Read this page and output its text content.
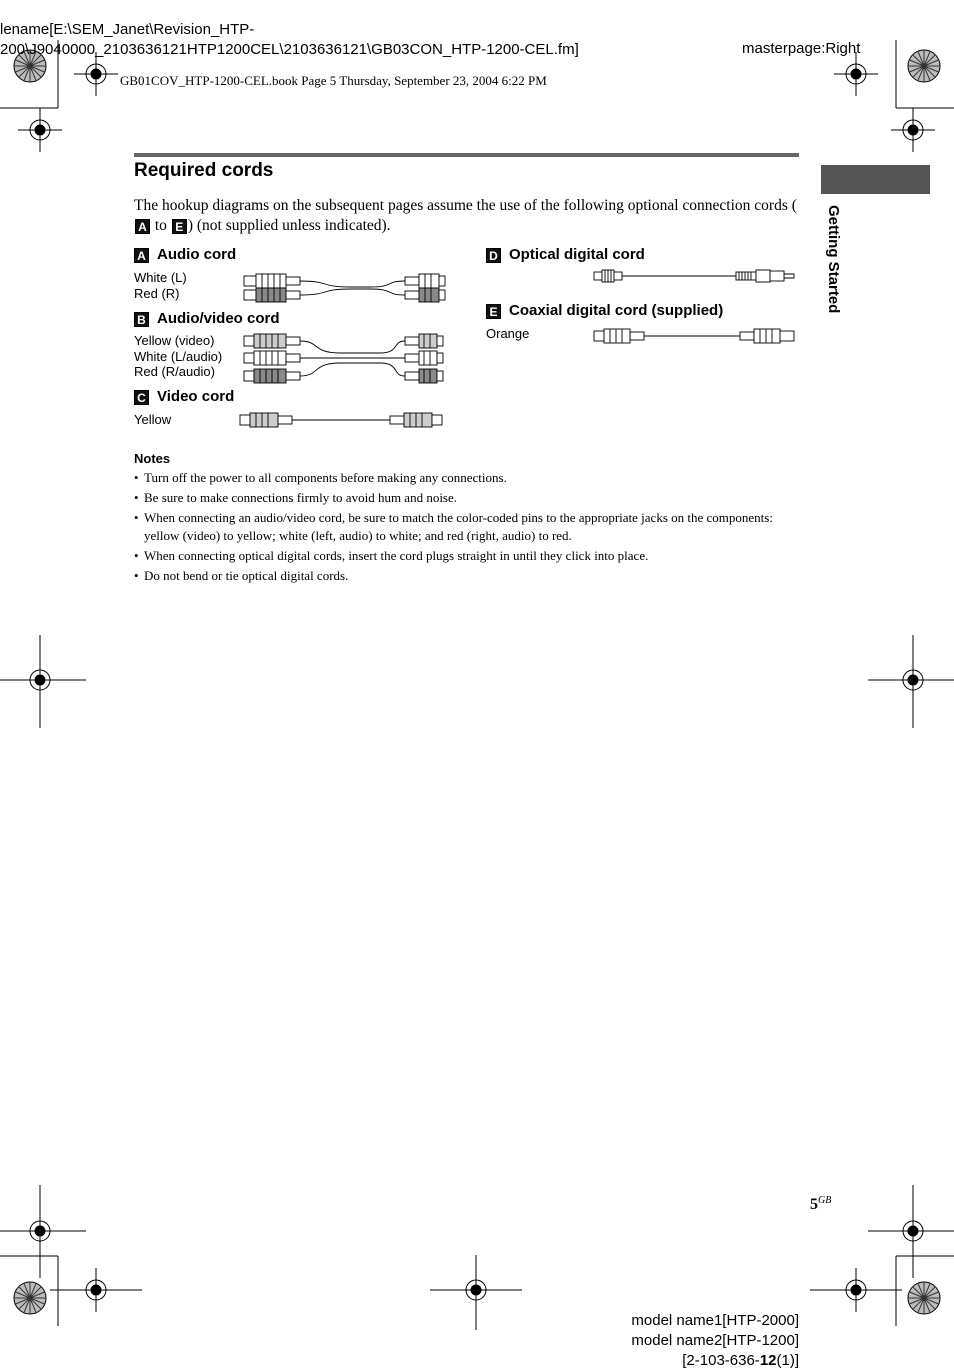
lename[E:\SEM_Janet\Revision_HTP-
200\J9040000_2103636121HTP1200CEL\2103636121\GB03CON_HTP-1200-CEL.fm]	masterpage:Right
GB01COV_HTP-1200-CEL.book Page 5 Thursday, September 23, 2004 6:22 PM
Getting Started
Required cords
The hookup diagrams on the subsequent pages assume the use of the following optional connection cords (A to E ) (not supplied unless indicated).
A Audio cord
White (L)
Red (R)
B Audio/video cord
Yellow (video)
White (L/audio)
Red (R/audio)
C Video cord
Yellow
D Optical digital cord
E Coaxial digital cord (supplied)
Orange
Notes
• Turn off the power to all components before making any connections.
• Be sure to make connections firmly to avoid hum and noise.
• When connecting an audio/video cord, be sure to match the color-coded pins to the appropriate jacks on the components: yellow (video) to yellow; white (left, audio) to white; and red (right, audio) to red.
• When connecting optical digital cords, insert the cord plugs straight in until they click into place.
• Do not bend or tie optical digital cords.
$5^{GB}$
model name1[HTP-2000]
model name2[HTP-1200]
[2-103-636-12(1)]
